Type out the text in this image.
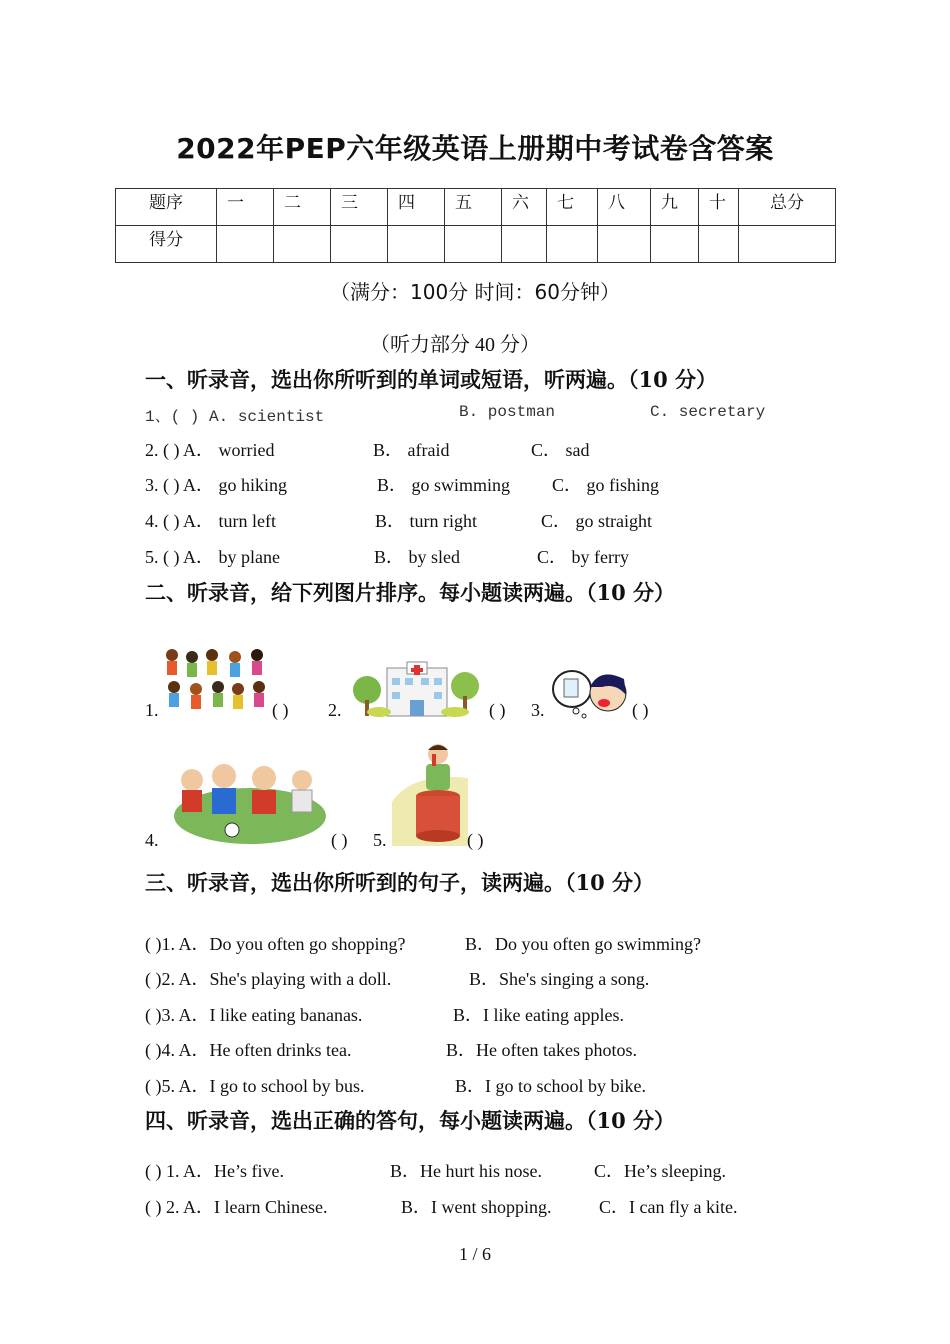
2022年PEP六年级英语上册期中考试卷含答案
题序	一	二	三	四	五	六	七	八	九	十	总分
得分											
（满分：100分 时间：60分钟）
（听力部分 40 分）
一、听录音，选出你所听到的单词或短语，听两遍。（10 分）
1、( ) A. scientist	B. postman	C. secretary
2. ( ) A． worried	B． afraid	C． sad
3. ( ) A． go hiking	B． go swimming C． go fishing
4. ( ) A． turn left	B． turn right	C． go straight
5. ( ) A． by plane	B． by sled	C． by ferry
二、听录音，给下列图片排序。每小题读两遍。（10 分）
1.	( ) 2.	( ) 3.	( )
4.	( ) 5.	( )
三、听录音，选出你所听到的句子，读两遍。（10 分）
( )1. A．Do you often go shopping?	B．Do you often go swimming?
( )2. A．She's playing with a doll.	B．She's singing a song.
( )3. A．I like eating bananas.	B．I like eating apples.
( )4. A．He often drinks tea.	B．He often takes photos.
( )5. A．I go to school by bus.	B．I go to school by bike.
四、听录音，选出正确的答句，每小题读两遍。（10 分）
( ) 1. A．He’s five.	B．He hurt his nose.	C．He’s sleeping.
( ) 2. A．I learn Chinese.	B．I went shopping.	C．I can fly a kite.
1 / 6
